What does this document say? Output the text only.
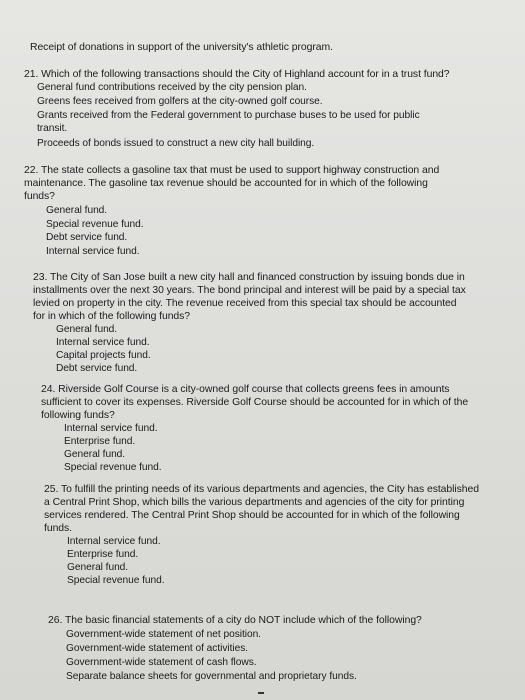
Receipt of donations in support of the university's athletic program.
21. Which of the following transactions should the City of Highland account for in a trust fund?
General fund contributions received by the city pension plan.
Greens fees received from golfers at the city-owned golf course.
Grants received from the Federal government to purchase buses to be used for public
transit.
Proceeds of bonds issued to construct a new city hall building.
22. The state collects a gasoline tax that must be used to support highway construction and
maintenance. The gasoline tax revenue should be accounted for in which of the following
funds?
General fund.
Special revenue fund.
Debt service fund.
Internal service fund.
23. The City of San Jose built a new city hall and financed construction by issuing bonds due in
installments over the next 30 years. The bond principal and interest will be paid by a special tax
levied on property in the city. The revenue received from this special tax should be accounted
for in which of the following funds?
General fund.
Internal service fund.
Capital projects fund.
Debt service fund.
24. Riverside Golf Course is a city-owned golf course that collects greens fees in amounts
sufficient to cover its expenses. Riverside Golf Course should be accounted for in which of the
following funds?
Internal service fund.
Enterprise fund.
General fund.
Special revenue fund.
25. To fulfill the printing needs of its various departments and agencies, the City has established
a Central Print Shop, which bills the various departments and agencies of the city for printing
services rendered. The Central Print Shop should be accounted for in which of the following
funds.
Internal service fund.
Enterprise fund.
General fund.
Special revenue fund.
26. The basic financial statements of a city do NOT include which of the following?
Government-wide statement of net position.
Government-wide statement of activities.
Government-wide statement of cash flows.
Separate balance sheets for governmental and proprietary funds.
